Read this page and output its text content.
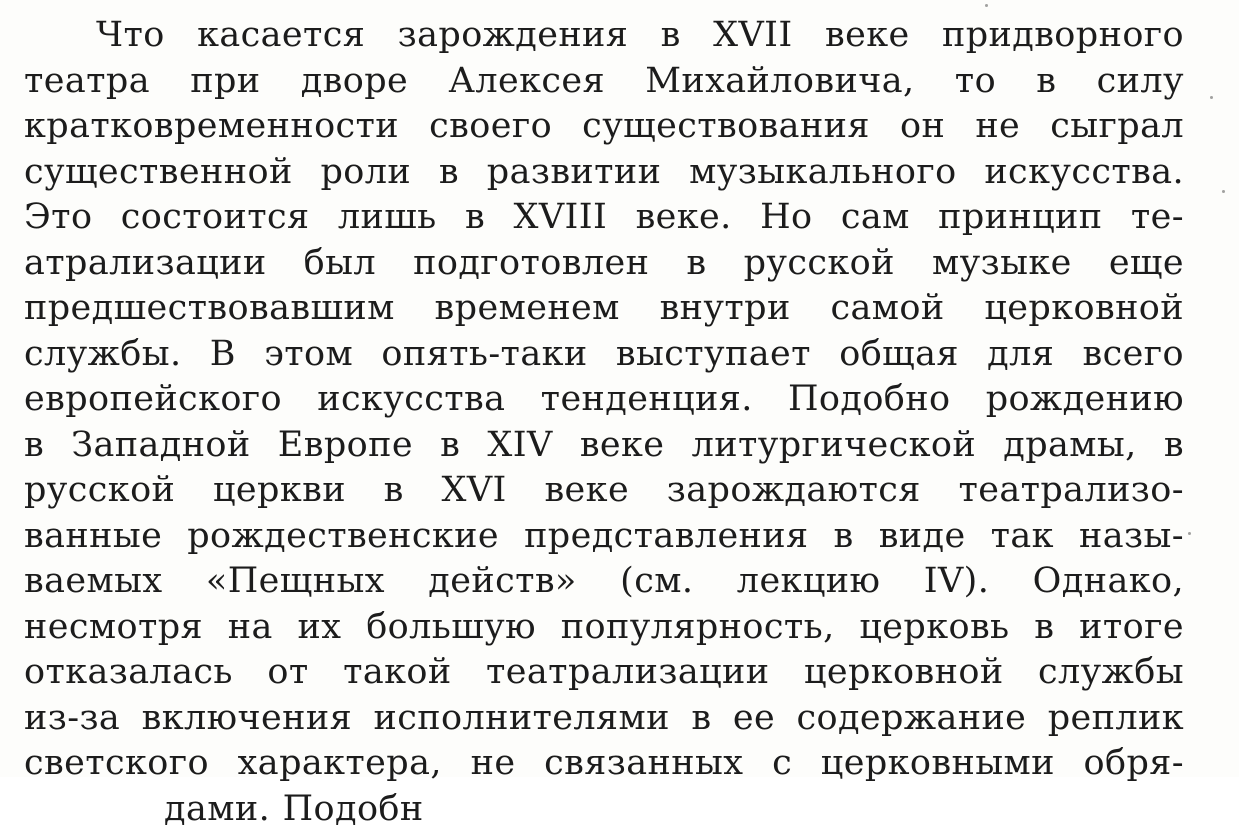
Что касается зарождения в XVII веке придворного
театра при дворе Алексея Михайловича, то в силу
кратковременности своего существования он не сыграл
существенной роли в развитии музыкального искусства.
Это состоится лишь в XVIII веке. Но сам принцип те-
атрализации был подготовлен в русской музыке еще
предшествовавшим временем внутри самой церковной
службы. В этом опять-таки выступает общая для всего
европейского искусства тенденция. Подобно рождению
в Западной Европе в XIV веке литургической драмы, в
русской церкви в XVI веке зарождаются театрализо-
ванные рождественские представления в виде так назы-
ваемых «Пещных действ» (см. лекцию IV). Однако,
несмотря на их большую популярность, церковь в итоге
отказалась от такой театрализации церковной службы
из-за включения исполнителями в ее содержание реплик
светского характера, не связанных с церковными обря-
дами. Подобн
